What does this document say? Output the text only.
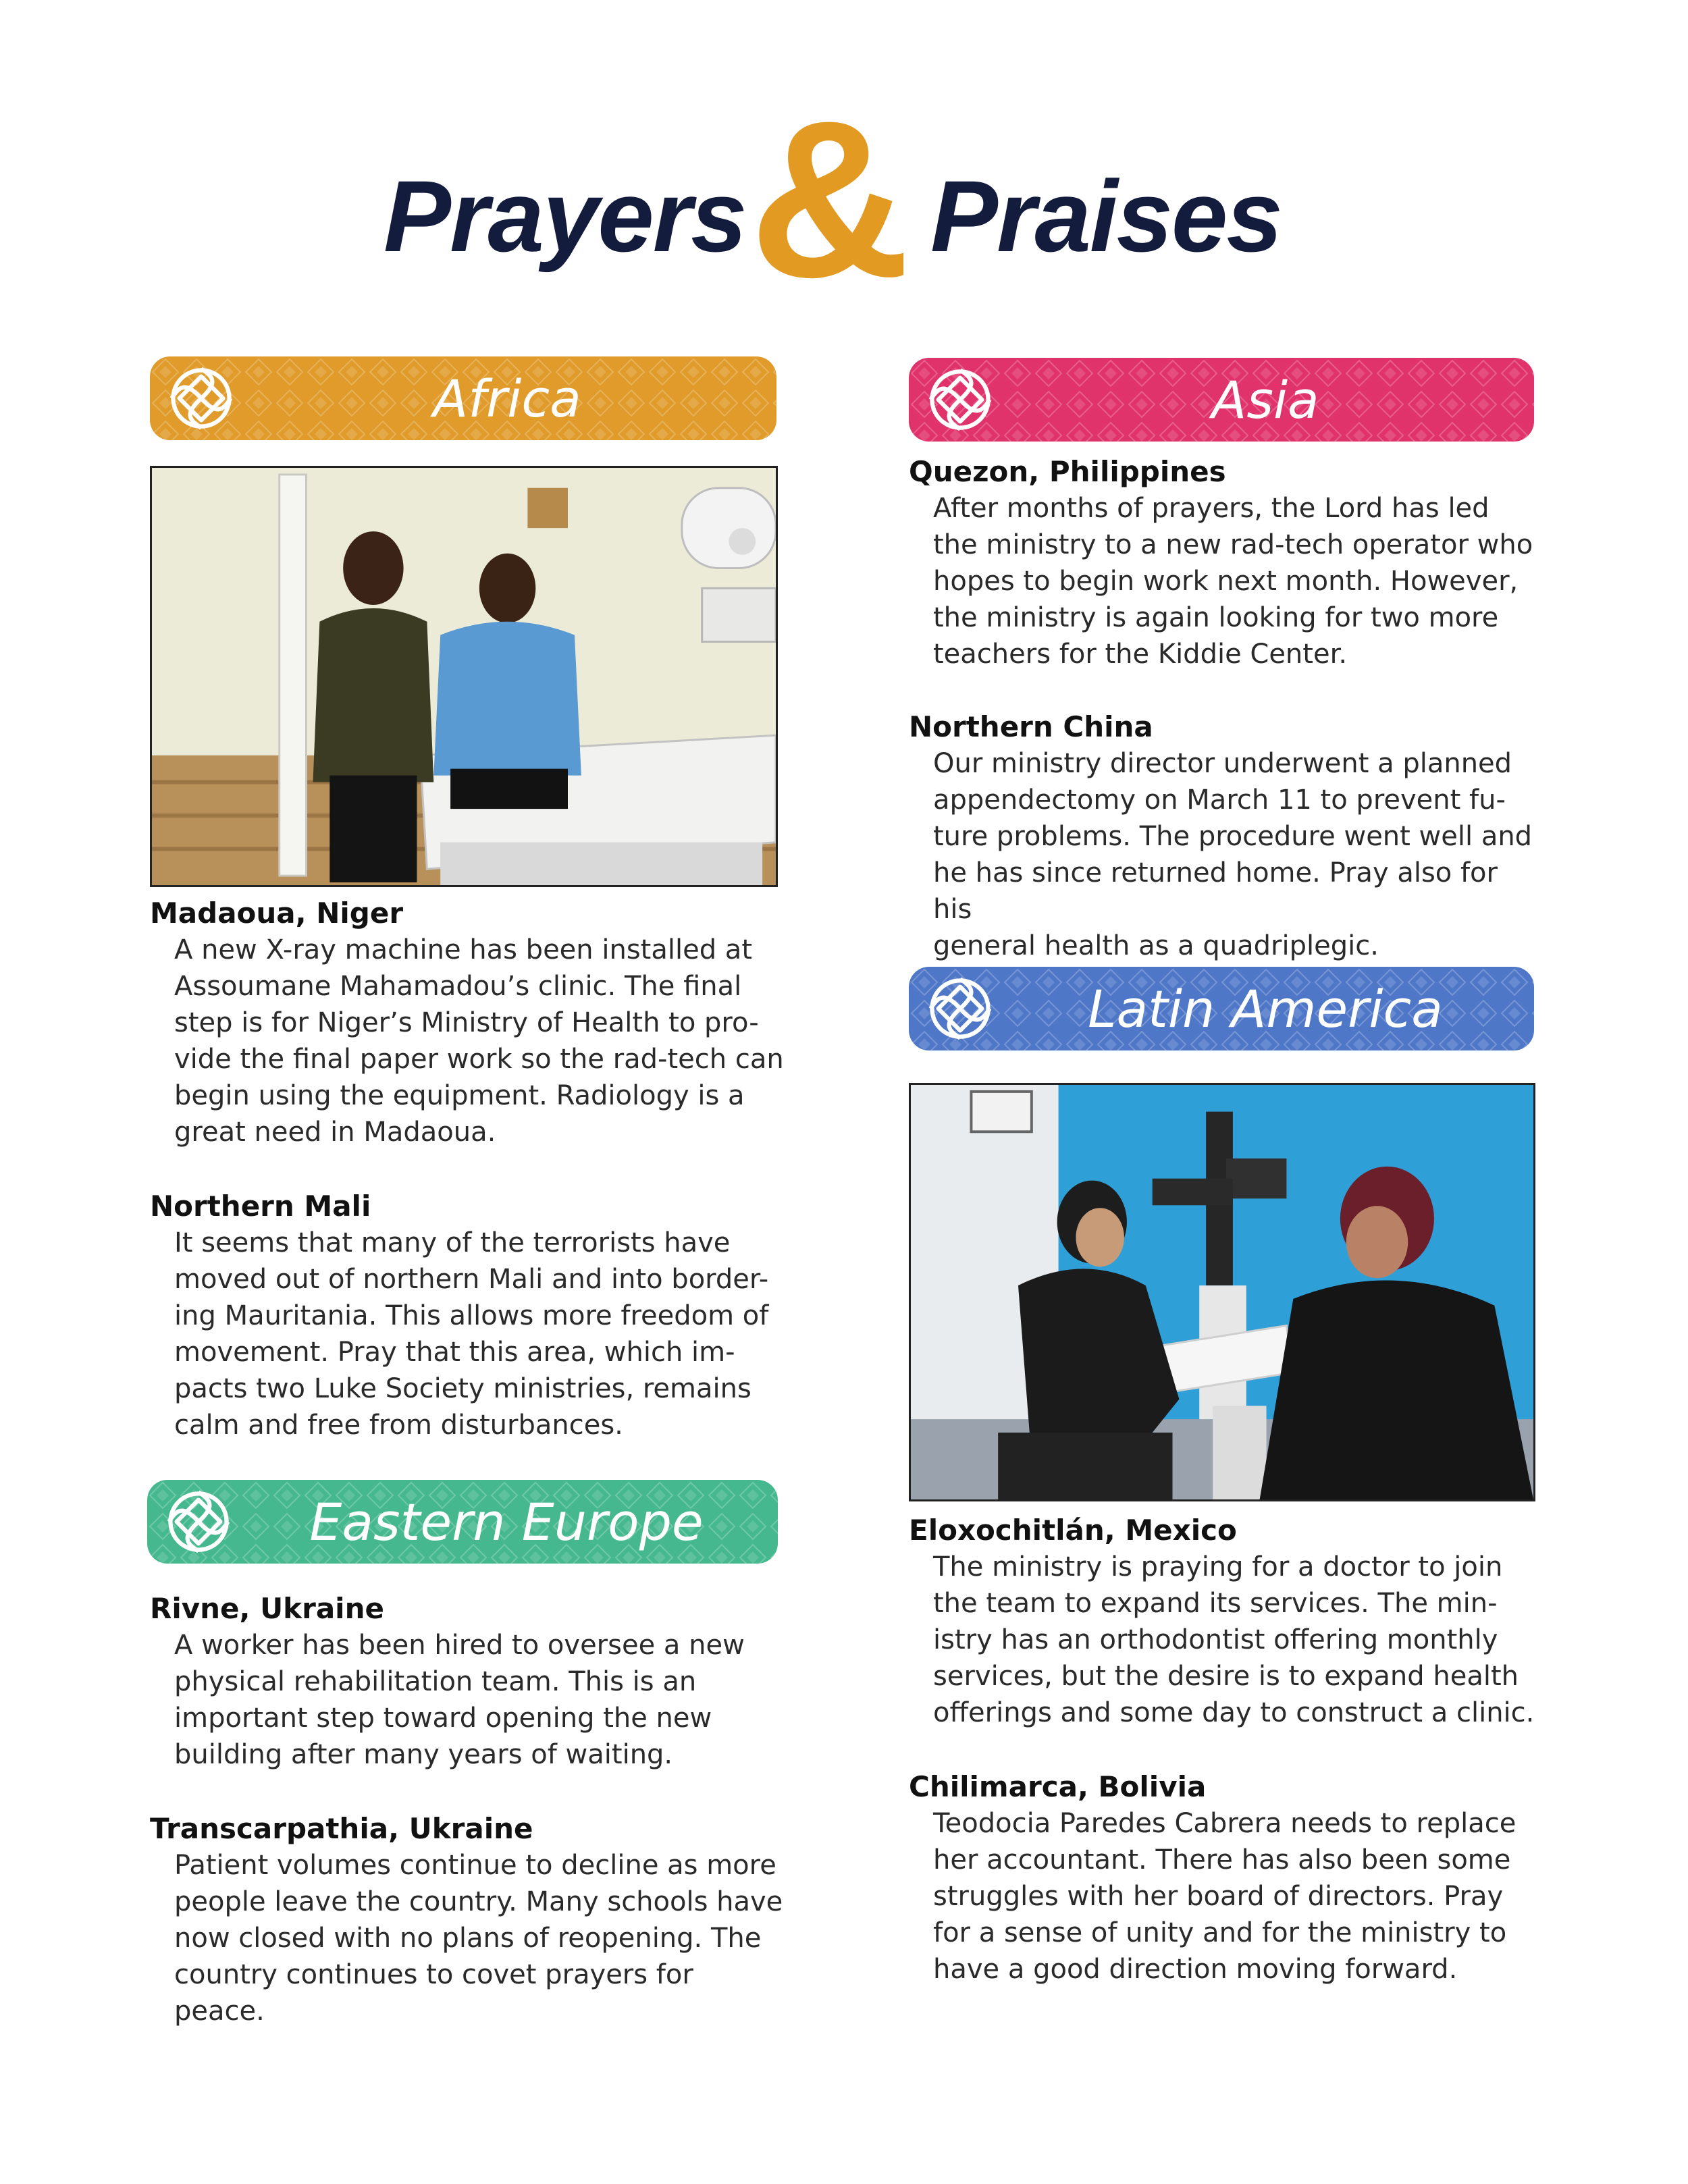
Prayers & Praises
Africa
Madaoua, Niger
A new X-ray machine has been installed at
Assoumane Mahamadou’s clinic. The final
step is for Niger’s Ministry of Health to pro-
vide the final paper work so the rad-tech can
begin using the equipment. Radiology is a
great need in Madaoua.
Northern Mali
It seems that many of the terrorists have
moved out of northern Mali and into border-
ing Mauritania. This allows more freedom of
movement. Pray that this area, which im-
pacts two Luke Society ministries, remains
calm and free from disturbances.
Eastern Europe
Rivne, Ukraine
A worker has been hired to oversee a new
physical rehabilitation team. This is an
important step toward opening the new
building after many years of waiting.
Transcarpathia, Ukraine
Patient volumes continue to decline as more
people leave the country. Many schools have
now closed with no plans of reopening. The
country continues to covet prayers for peace.
Asia
Quezon, Philippines
After months of prayers, the Lord has led
the ministry to a new rad-tech operator who
hopes to begin work next month. However,
the ministry is again looking for two more
teachers for the Kiddie Center.
Northern China
Our ministry director underwent a planned
appendectomy on March 11 to prevent fu-
ture problems. The procedure went well and
he has since returned home. Pray also for his
general health as a quadriplegic.
Latin America
Eloxochitlán, Mexico
The ministry is praying for a doctor to join
the team to expand its services. The min-
istry has an orthodontist offering monthly
services, but the desire is to expand health
offerings and some day to construct a clinic.
Chilimarca, Bolivia
Teodocia Paredes Cabrera needs to replace
her accountant. There has also been some
struggles with her board of directors. Pray
for a sense of unity and for the ministry to
have a good direction moving forward.
